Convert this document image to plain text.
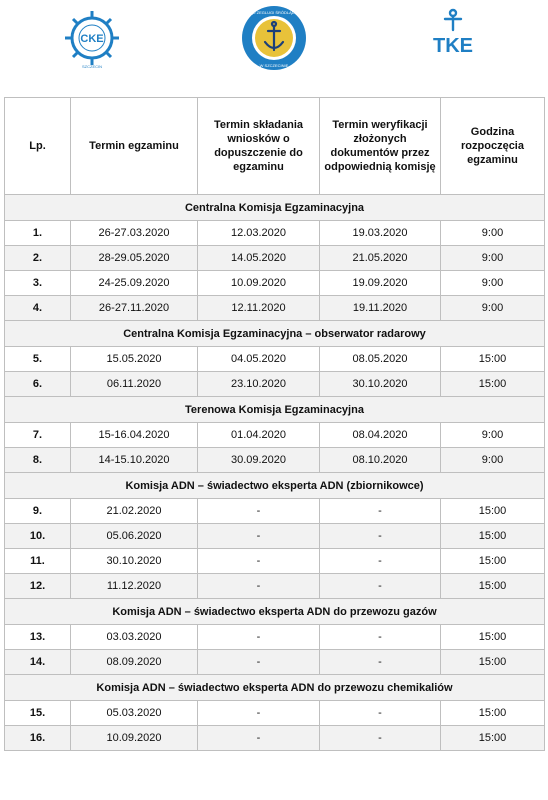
CKE
SZCZECIN
URZĄD ŻEGLUGI ŚRÓDLĄDOWEJ
W SZCZECINIE
TKE
Lp.	Termin egzaminu	Termin składania wniosków o dopuszczenie do egzaminu	Termin weryfikacji złożonych dokumentów przez odpowiednią komisję	Godzina rozpoczęcia egzaminu
Centralna Komisja Egzaminacyjna				
1.	26-27.03.2020	12.03.2020	19.03.2020	9:00
2.	28-29.05.2020	14.05.2020	21.05.2020	9:00
3.	24-25.09.2020	10.09.2020	19.09.2020	9:00
4.	26-27.11.2020	12.11.2020	19.11.2020	9:00
Centralna Komisja Egzaminacyjna – obserwator radarowy				
5.	15.05.2020	04.05.2020	08.05.2020	15:00
6.	06.11.2020	23.10.2020	30.10.2020	15:00
Terenowa Komisja Egzaminacyjna				
7.	15-16.04.2020	01.04.2020	08.04.2020	9:00
8.	14-15.10.2020	30.09.2020	08.10.2020	9:00
Komisja ADN – świadectwo eksperta ADN (zbiornikowce)				
9.	21.02.2020	-	-	15:00
10.	05.06.2020	-	-	15:00
11.	30.10.2020	-	-	15:00
12.	11.12.2020	-	-	15:00
Komisja ADN – świadectwo eksperta ADN do przewozu gazów				
13.	03.03.2020	-	-	15:00
14.	08.09.2020	-	-	15:00
Komisja ADN – świadectwo eksperta ADN do przewozu chemikaliów				
15.	05.03.2020	-	-	15:00
16.	10.09.2020	-	-	15:00
